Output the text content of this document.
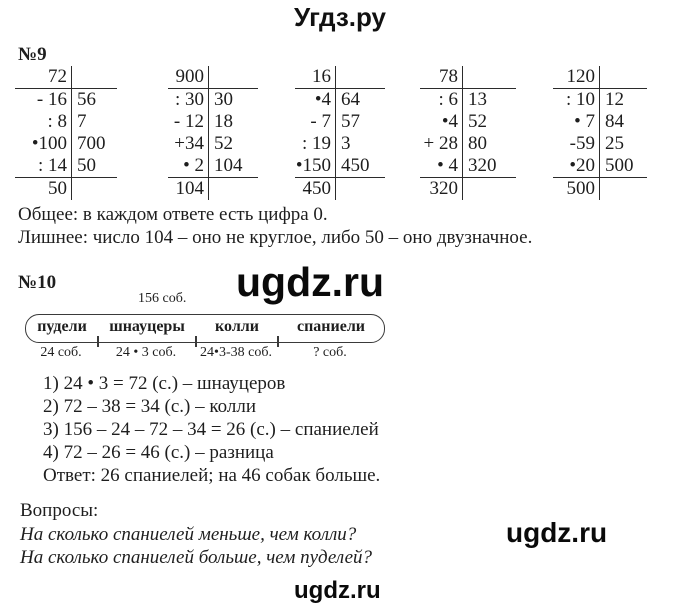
Угдз.ру
№9
72
- 16 56
: 8 7
•100 700
: 14 50
50
900
: 30 30
- 12 18
+34 52
• 2 104
104
16
•4 64
- 7 57
: 19 3
•150 450
450
78
: 6 13
•4 52
+ 28 80
• 4 320
320
120
: 10 12
• 7 84
-59 25
•20 500
500
Общее: в каждом ответе есть цифра 0.
Лишнее: число 104 – оно не круглое, либо 50 – оно двузначное.
№10	ugdz.ru
156 соб.
пудели шнауцеры колли спаниели
24 соб. 24 • 3 соб. 24•3-38 соб.	? соб.
1) 24 • 3 = 72 (с.) – шнауцеров
2) 72 – 38 = 34 (с.) – колли
3) 156 – 24 – 72 – 34 = 26 (с.) – спаниелей
4) 72 – 26 = 46 (с.) – разница
Ответ: 26 спаниелей; на 46 собак больше.
Вопросы:
На сколько спаниелей меньше, чем колли?
На сколько спаниелей больше, чем пуделей?
ugdz.ru
ugdz.ru
